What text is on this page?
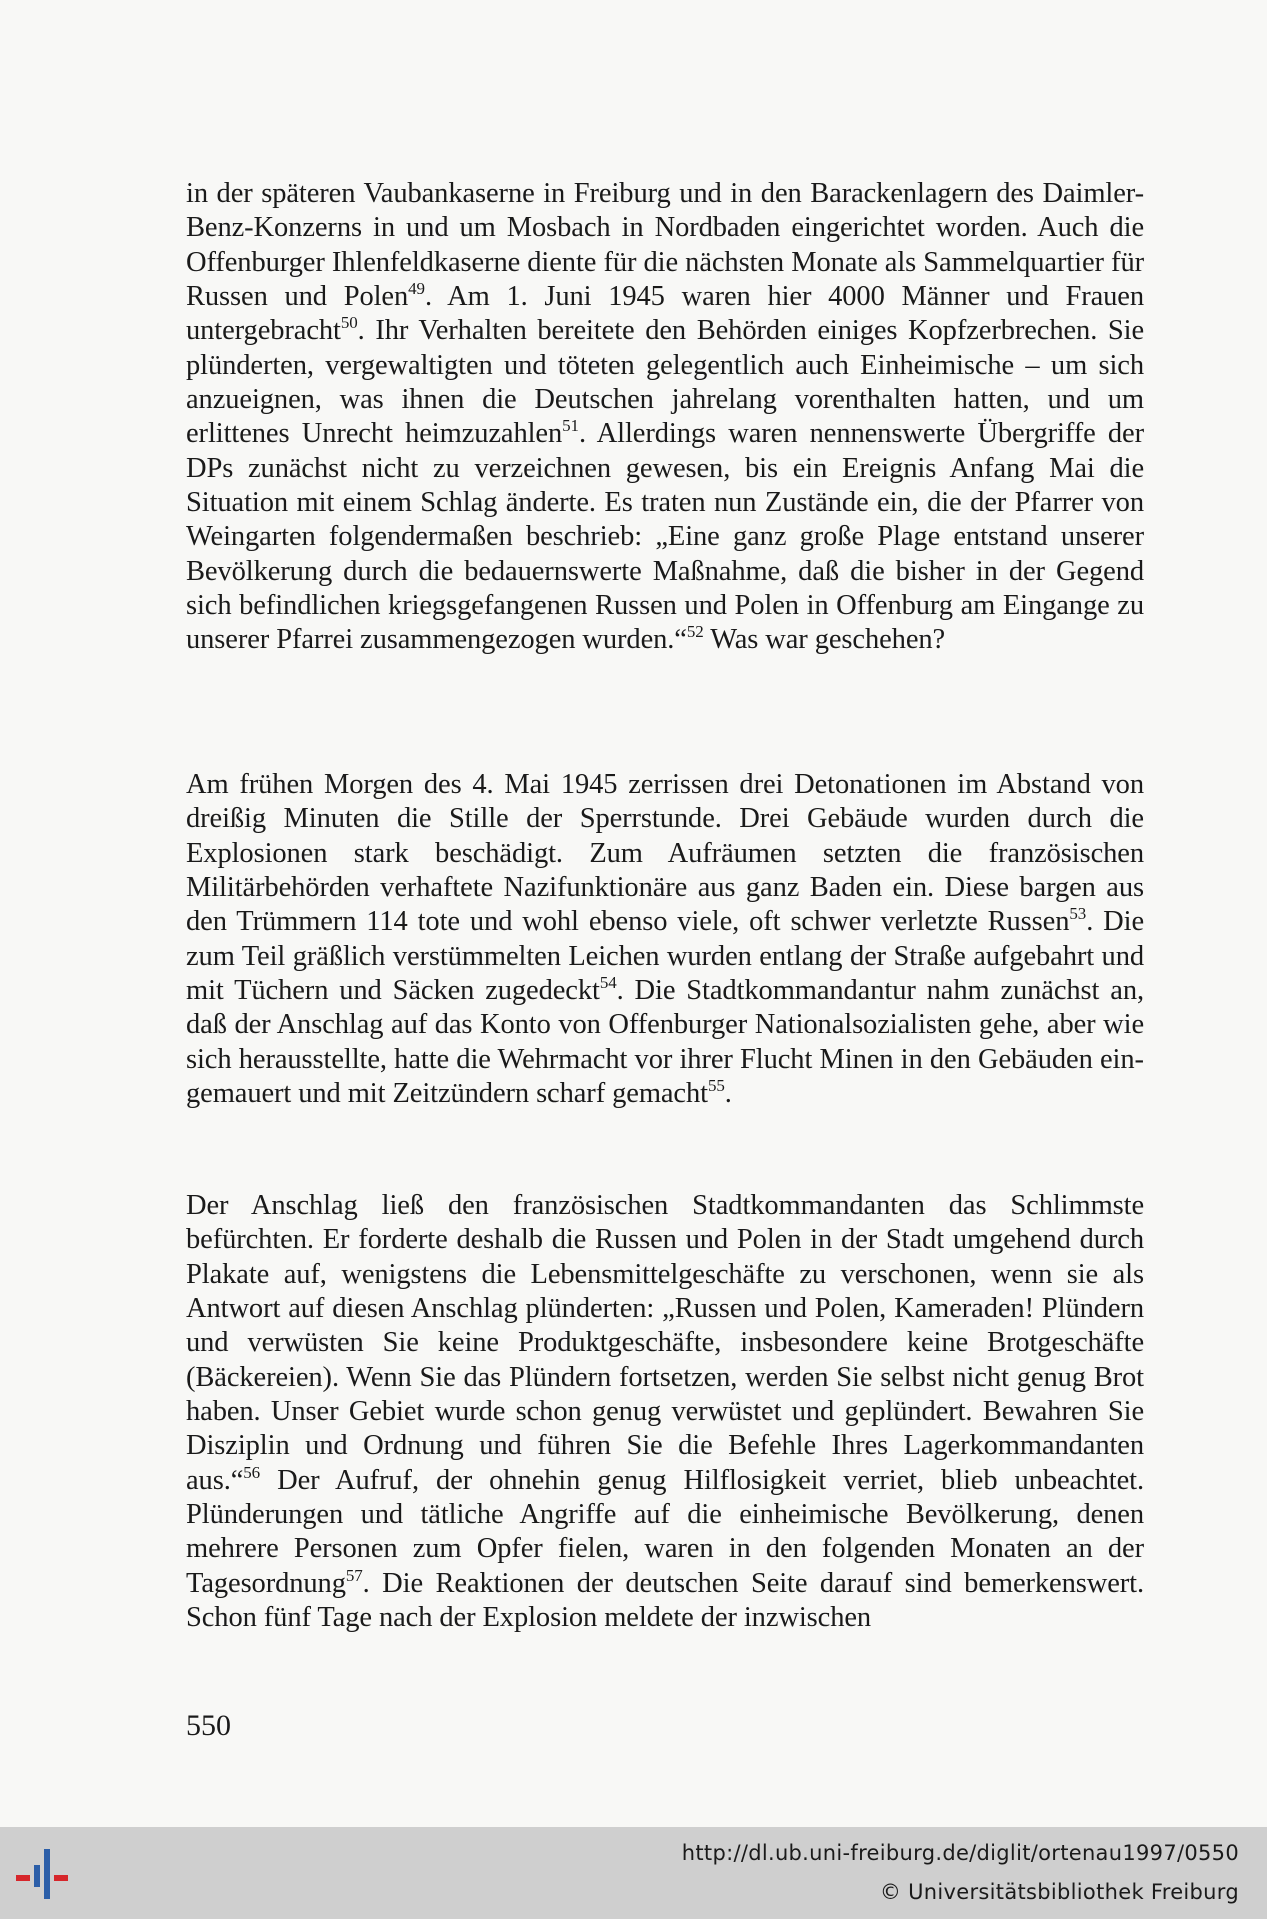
in der späteren Vaubankaserne in Freiburg und in den Barackenlagern des Daimler-Benz-Konzerns in und um Mosbach in Nordbaden eingerichtet worden. Auch die Offenburger Ihlenfeldkaserne diente für die nächsten Monate als Sammelquartier für Russen und Polen$^{49}$. Am 1. Juni 1945 waren hier 4000 Männer und Frauen untergebracht$^{50}$. Ihr Verhalten bereitete den Behörden einiges Kopfzerbrechen. Sie plünderten, vergewaltigten und töteten gelegentlich auch Einheimische – um sich anzueignen, was ihnen die Deutschen jahrelang vorenthalten hatten, und um erlittenes Unrecht heimzuzahlen$^{51}$. Allerdings waren nennenswerte Übergriffe der DPs zunächst nicht zu verzeichnen gewesen, bis ein Ereignis Anfang Mai die Situation mit einem Schlag änderte. Es traten nun Zustände ein, die der Pfarrer von Weingarten folgendermaßen beschrieb: „Eine ganz große Plage entstand unserer Bevölkerung durch die bedauernswerte Maßnahme, daß die bisher in der Gegend sich befindlichen kriegsgefangenen Russen und Polen in Offenburg am Eingange zu unserer Pfarrei zusammengezogen wurden.“$^{52}$ Was war geschehen?
Am frühen Morgen des 4. Mai 1945 zerrissen drei Detonationen im Abstand von dreißig Minuten die Stille der Sperrstunde. Drei Gebäude wurden durch die Explosionen stark beschädigt. Zum Aufräumen setzten die französischen Militärbehörden verhaftete Nazifunktionäre aus ganz Baden ein. Diese bargen aus den Trümmern 114 tote und wohl ebenso viele, oft schwer verletzte Russen$^{53}$. Die zum Teil gräßlich verstümmelten Leichen wurden entlang der Straße aufgebahrt und mit Tüchern und Säcken zugedeckt$^{54}$. Die Stadtkommandantur nahm zunächst an, daß der Anschlag auf das Konto von Offenburger Nationalsozialisten gehe, aber wie sich herausstellte, hatte die Wehrmacht vor ihrer Flucht Minen in den Gebäuden eingemauert und mit Zeitzündern scharf gemacht$^{55}$.
Der Anschlag ließ den französischen Stadtkommandanten das Schlimmste befürchten. Er forderte deshalb die Russen und Polen in der Stadt umgehend durch Plakate auf, wenigstens die Lebensmittelgeschäfte zu verschonen, wenn sie als Antwort auf diesen Anschlag plünderten: „Russen und Polen, Kameraden! Plündern und verwüsten Sie keine Produktgeschäfte, insbesondere keine Brotgeschäfte (Bäckereien). Wenn Sie das Plündern fortsetzen, werden Sie selbst nicht genug Brot haben. Unser Gebiet wurde schon genug verwüstet und geplündert. Bewahren Sie Disziplin und Ordnung und führen Sie die Befehle Ihres Lagerkommandanten aus.“$^{56}$ Der Aufruf, der ohnehin genug Hilflosigkeit verriet, blieb unbeachtet. Plünderungen und tätliche Angriffe auf die einheimische Bevölkerung, denen mehrere Personen zum Opfer fielen, waren in den folgenden Monaten an der Tagesordnung$^{57}$. Die Reaktionen der deutschen Seite darauf sind bemerkenswert. Schon fünf Tage nach der Explosion meldete der inzwischen
550
http://dl.ub.uni-freiburg.de/diglit/ortenau1997/0550
© Universitätsbibliothek Freiburg
